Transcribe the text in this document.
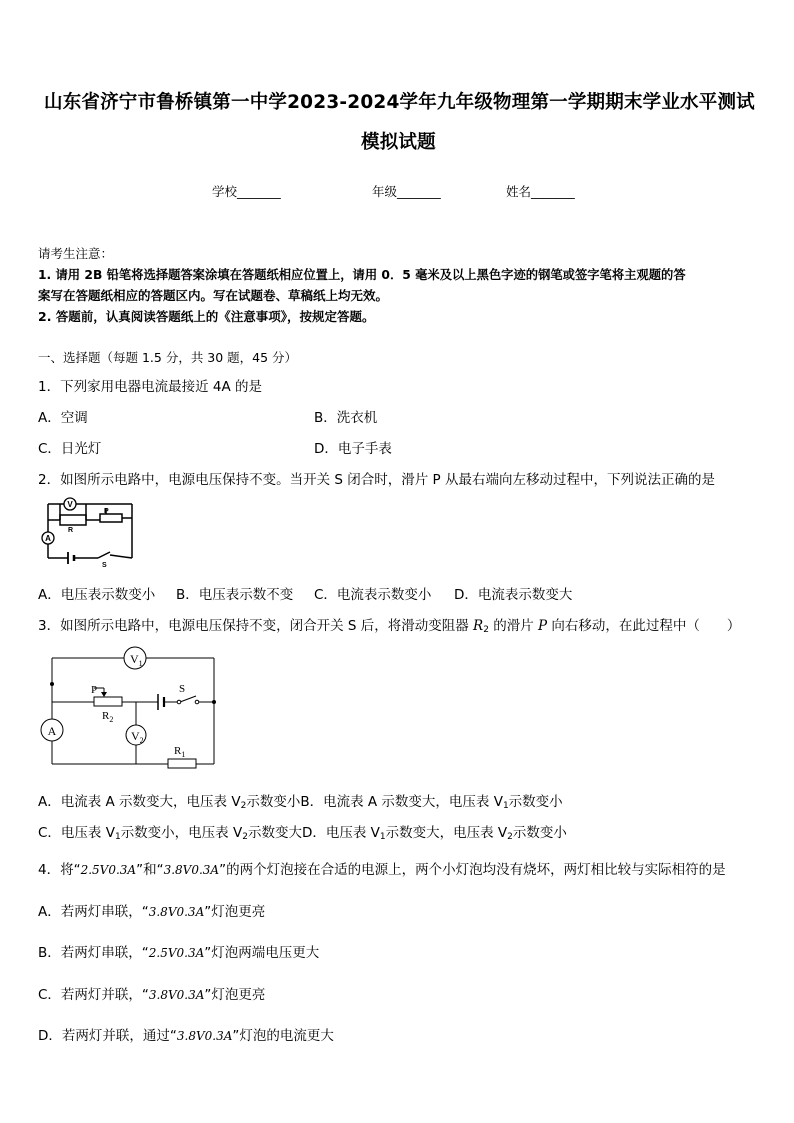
山东省济宁市鲁桥镇第一中学2023-2024学年九年级物理第一学期期末学业水平测试
模拟试题
学校_______	年级_______	姓名_______
请考生注意：
1. 请用 2B 铅笔将选择题答案涂填在答题纸相应位置上，请用 0．5 毫米及以上黑色字迹的钢笔或签字笔将主观题的答
案写在答题纸相应的答题区内。写在试题卷、草稿纸上均无效。
2. 答题前，认真阅读答题纸上的《注意事项》，按规定答题。
一、选择题（每题 1.5 分，共 30 题，45 分）
1．下列家用电器电流最接近 4A 的是
A．空调	B．洗衣机
C．日光灯	D．电子手表
2．如图所示电路中，电源电压保持不变。当开关 S 闭合时，滑片 P 从最右端向左移动过程中，下列说法正确的是
V
A
R
P
S
A．电压表示数变小 B．电压表示数不变 C．电流表示数变小 D．电流表示数变大
3．如图所示电路中，电源电压保持不变，闭合开关 S 后，将滑动变阻器 $R_2$ 的滑片 P 向右移动，在此过程中（　　）
$V_1$
A	$V_2$
P	S
$R_2$
$R_1$
A．电流表 A 示数变大，电压表 $V_2$示数变小B．电流表 A 示数变大，电压表 $V_1$示数变小
C．电压表 $V_1$示数变小，电压表 $V_2$示数变大D．电压表 $V_1$示数变大，电压表 $V_2$示数变小
4．将“2.5V0.3A”和“3.8V0.3A”的两个灯泡接在合适的电源上，两个小灯泡均没有烧坏，两灯相比较与实际相符的是
A．若两灯串联，“3.8V0.3A”灯泡更亮
B．若两灯串联，“2.5V0.3A”灯泡两端电压更大
C．若两灯并联，“3.8V0.3A”灯泡更亮
D．若两灯并联，通过“3.8V0.3A”灯泡的电流更大
